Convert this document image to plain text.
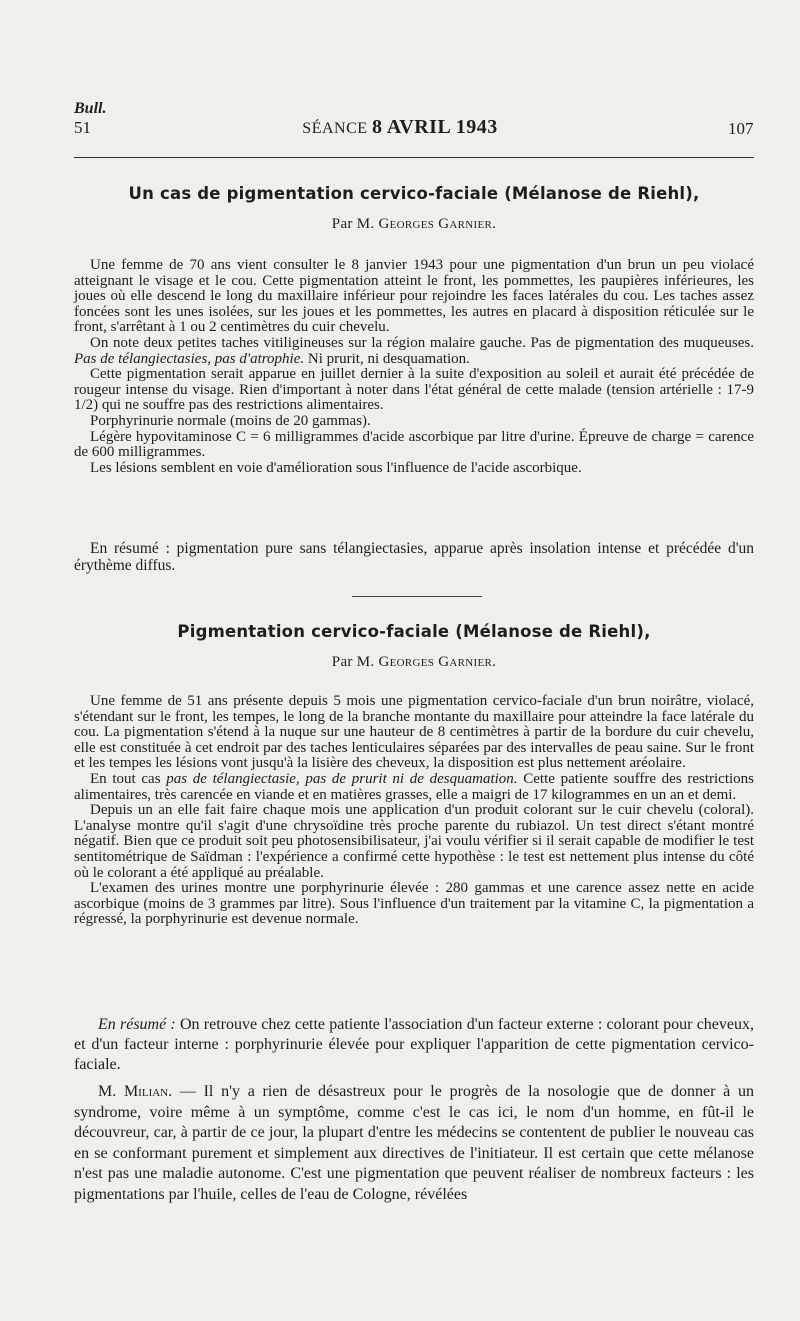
Bull.
51	SÉANCE 8 AVRIL 1943	107
Un cas de pigmentation cervico-faciale (Mélanose de Riehl),
Par M. Georges Garnier.

Une femme de 70 ans vient consulter le 8 janvier 1943 pour une pigmentation d'un brun un peu violacé atteignant le visage et le cou. Cette pigmentation atteint le front, les pommettes, les paupières inférieures, les joues où elle descend le long du maxillaire inférieur pour rejoindre les faces latérales du cou. Les taches assez foncées sont les unes isolées, sur les joues et les pommettes, les autres en placard à disposition réticulée sur le front, s'arrêtant à 1 ou 2 centimètres du cuir chevelu.

On note deux petites taches vitiligineuses sur la région malaire gauche. Pas de pigmentation des muqueuses. Pas de télangiectasies, pas d'atrophie. Ni prurit, ni desquamation.

Cette pigmentation serait apparue en juillet dernier à la suite d'exposition au soleil et aurait été précédée de rougeur intense du visage. Rien d'important à noter dans l'état général de cette malade (tension artérielle : 17-9 1/2) qui ne souffre pas des restrictions alimentaires.

Porphyrinurie normale (moins de 20 gammas).

Légère hypovitaminose C = 6 milligrammes d'acide ascorbique par litre d'urine. Épreuve de charge = carence de 600 milligrammes.

Les lésions semblent en voie d'amélioration sous l'influence de l'acide ascorbique.

En résumé : pigmentation pure sans télangiectasies, apparue après insolation intense et précédée d'un érythème diffus.

Pigmentation cervico-faciale (Mélanose de Riehl),
Par M. Georges Garnier.

Une femme de 51 ans présente depuis 5 mois une pigmentation cervico-faciale d'un brun noirâtre, violacé, s'étendant sur le front, les tempes, le long de la branche montante du maxillaire pour atteindre la face latérale du cou. La pigmentation s'étend à la nuque sur une hauteur de 8 centimètres à partir de la bordure du cuir chevelu, elle est constituée à cet endroit par des taches lenticulaires séparées par des intervalles de peau saine. Sur le front et les tempes les lésions vont jusqu'à la lisière des cheveux, la disposition est plus nettement aréolaire.

En tout cas pas de télangiectasie, pas de prurit ni de desquamation. Cette patiente souffre des restrictions alimentaires, très carencée en viande et en matières grasses, elle a maigri de 17 kilogrammes en un an et demi.

Depuis un an elle fait faire chaque mois une application d'un produit colorant sur le cuir chevelu (coloral). L'analyse montre qu'il s'agit d'une chrysoïdine très proche parente du rubiazol. Un test direct s'étant montré négatif. Bien que ce produit soit peu photosensibilisateur, j'ai voulu vérifier si il serait capable de modifier le test sentitométrique de Saïdman : l'expérience a confirmé cette hypothèse : le test est nettement plus intense du côté où le colorant a été appliqué au préalable.

L'examen des urines montre une porphyrinurie élevée : 280 gammas et une carence assez nette en acide ascorbique (moins de 3 grammes par litre). Sous l'influence d'un traitement par la vitamine C, la pigmentation a régressé, la porphyrinurie est devenue normale.

En résumé : On retrouve chez cette patiente l'association d'un facteur externe : colorant pour cheveux, et d'un facteur interne : porphyrinurie élevée pour expliquer l'apparition de cette pigmentation cervico-faciale.

M. Milian. — Il n'y a rien de désastreux pour le progrès de la nosologie que de donner à un syndrome, voire même à un symptôme, comme c'est le cas ici, le nom d'un homme, en fût-il le découvreur, car, à partir de ce jour, la plupart d'entre les médecins se contentent de publier le nouveau cas en se conformant purement et simplement aux directives de l'initiateur. Il est certain que cette mélanose n'est pas une maladie autonome. C'est une pigmentation que peuvent réaliser de nombreux facteurs : les pigmentations par l'huile, celles de l'eau de Cologne, révélées
